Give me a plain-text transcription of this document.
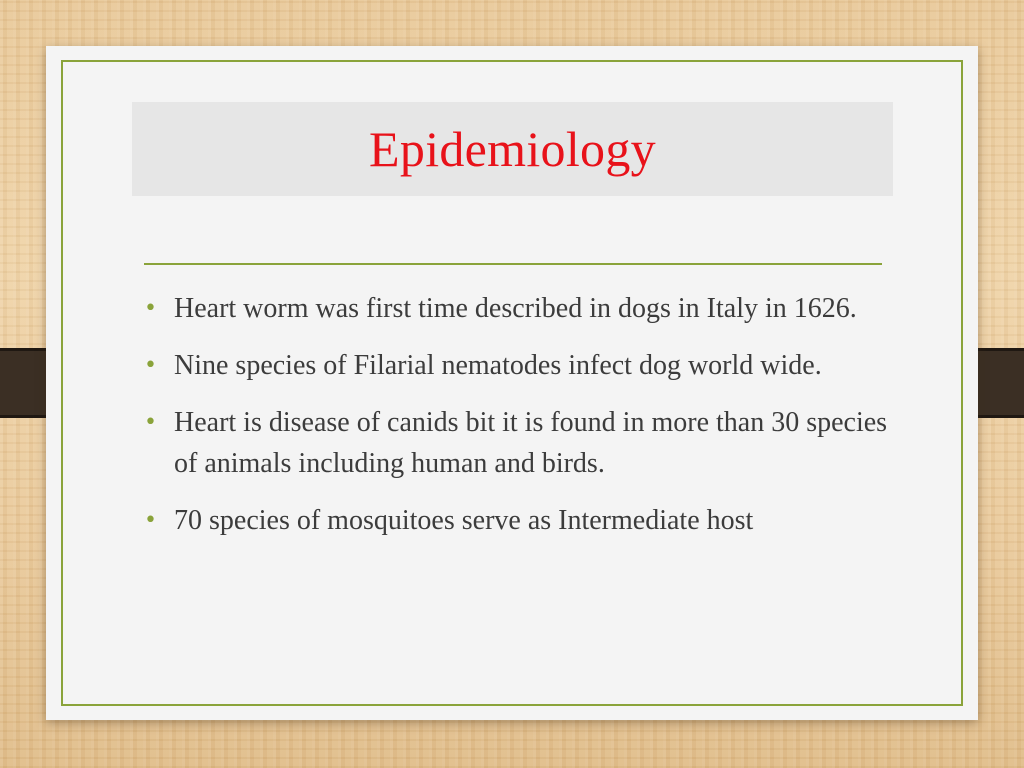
Epidemiology
• Heart worm was first time described in dogs in Italy in 1626.
• Nine species of Filarial nematodes infect dog world wide.
• Heart is disease of canids bit it is found in more than 30 species of animals including human and birds.
• 70 species of mosquitoes serve as Intermediate host
